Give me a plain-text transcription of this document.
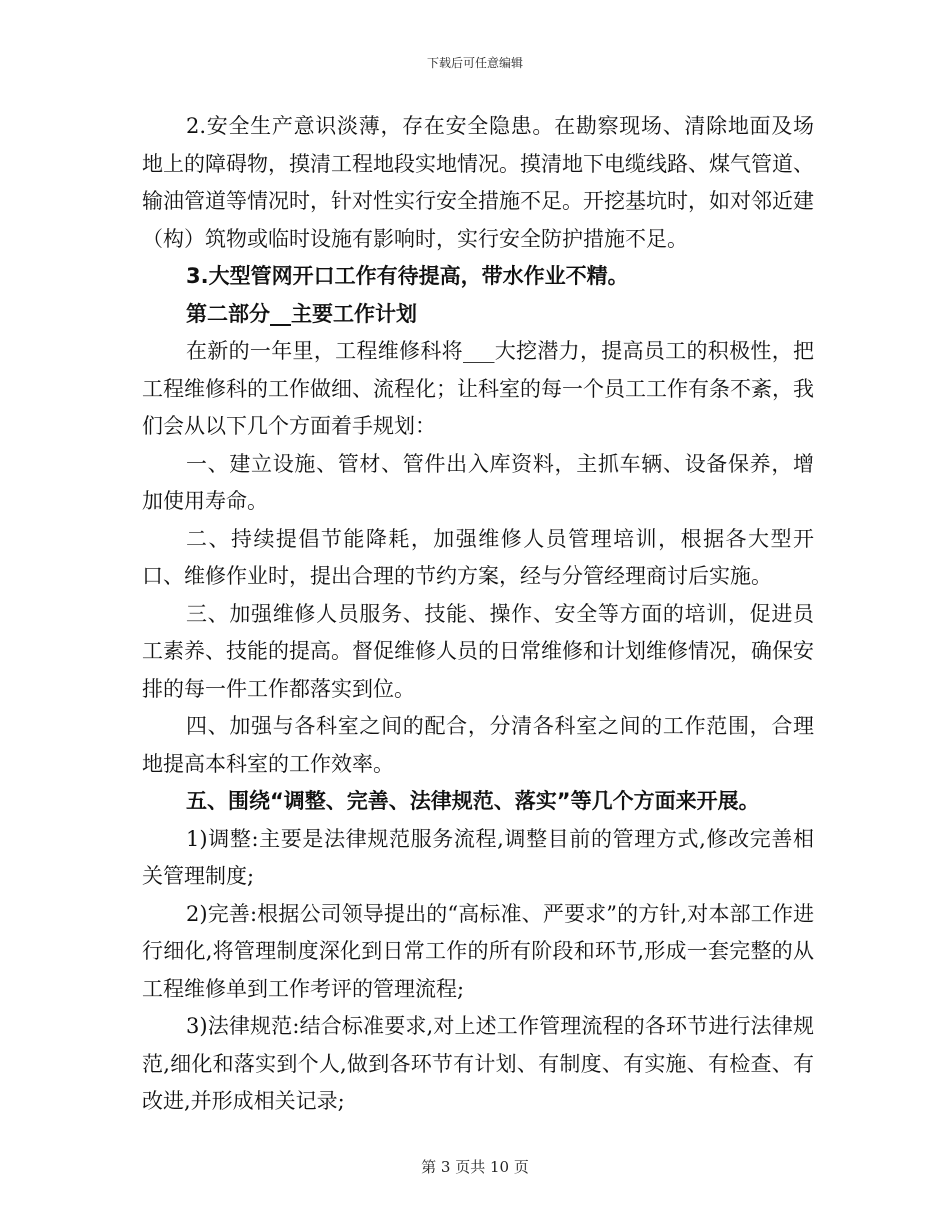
下载后可任意编辑

2.安全生产意识淡薄，存在安全隐患。在勘察现场、清除地面及场地上的障碍物，摸清工程地段实地情况。摸清地下电缆线路、煤气管道、输油管道等情况时，针对性实行安全措施不足。开挖基坑时，如对邻近建（构）筑物或临时设施有影响时，实行安全防护措施不足。

3.大型管网开口工作有待提高，带水作业不精。

第二部分__主要工作计划

在新的一年里，工程维修科将___大挖潜力，提高员工的积极性，把工程维修科的工作做细、流程化；让科室的每一个员工工作有条不紊，我们会从以下几个方面着手规划：

一、建立设施、管材、管件出入库资料，主抓车辆、设备保养，增加使用寿命。

二、持续提倡节能降耗，加强维修人员管理培训，根据各大型开口、维修作业时，提出合理的节约方案，经与分管经理商讨后实施。

三、加强维修人员服务、技能、操作、安全等方面的培训，促进员工素养、技能的提高。督促维修人员的日常维修和计划维修情况，确保安排的每一件工作都落实到位。

四、加强与各科室之间的配合，分清各科室之间的工作范围，合理地提高本科室的工作效率。

五、围绕“调整、完善、法律规范、落实”等几个方面来开展。

1)调整:主要是法律规范服务流程,调整目前的管理方式,修改完善相关管理制度;

2)完善:根据公司领导提出的“高标准、严要求”的方针,对本部工作进行细化,将管理制度深化到日常工作的所有阶段和环节,形成一套完整的从工程维修单到工作考评的管理流程;

3)法律规范:结合标准要求,对上述工作管理流程的各环节进行法律规范,细化和落实到个人,做到各环节有计划、有制度、有实施、有检查、有改进,并形成相关记录;

第 3 页共 10 页
